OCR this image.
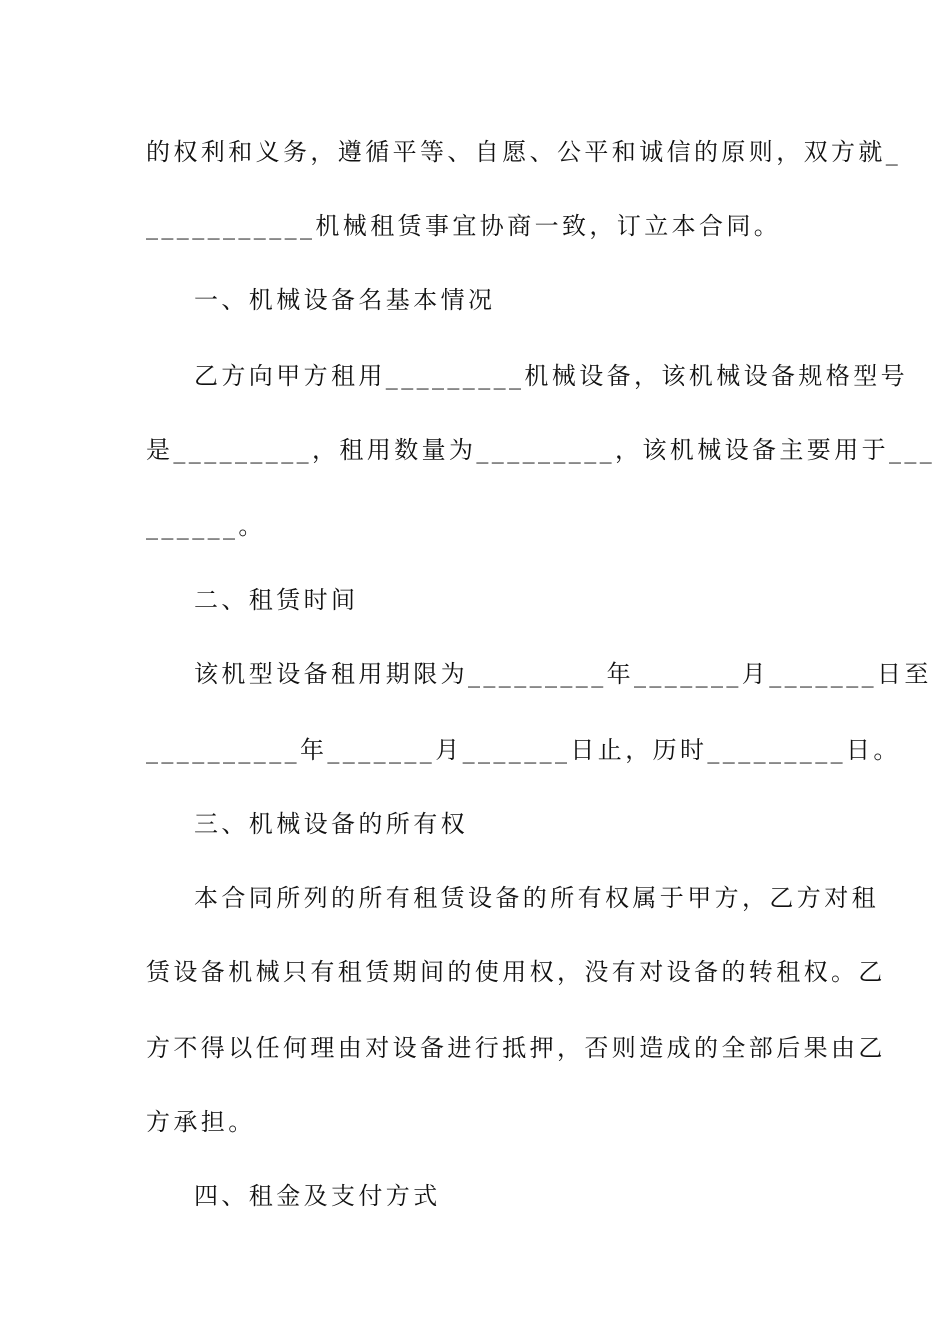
的权利和义务，遵循平等、自愿、公平和诚信的原则，双方就_
___________机械租赁事宜协商一致，订立本合同。
一、机械设备名基本情况
乙方向甲方租用_________机械设备，该机械设备规格型号
是_________，租用数量为_________，该机械设备主要用于___
______。
二、租赁时间
该机型设备租用期限为_________年_______月_______日至
__________年_______月_______日止，历时_________日。
三、机械设备的所有权
本合同所列的所有租赁设备的所有权属于甲方，乙方对租
赁设备机械只有租赁期间的使用权，没有对设备的转租权。乙
方不得以任何理由对设备进行抵押，否则造成的全部后果由乙
方承担。
四、租金及支付方式
